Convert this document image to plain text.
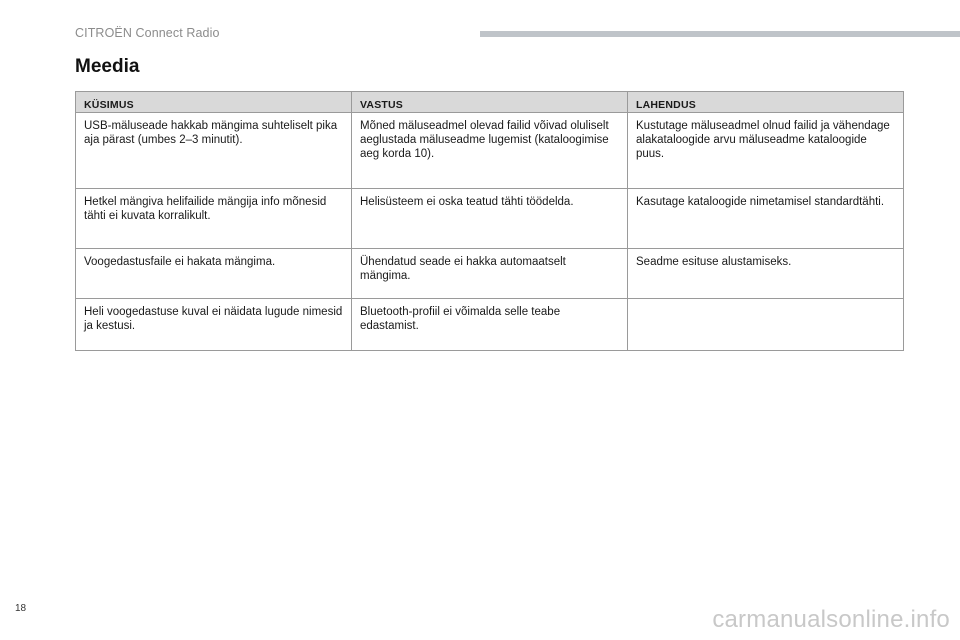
CITROËN Connect Radio
Meedia
KÜSIMUS	VASTUS	LAHENDUS
USB-mäluseade hakkab mängima suhteliselt pika aja pärast (umbes 2–3 minutit).	Mõned mäluseadmel olevad failid võivad oluliselt aeglustada mäluseadme lugemist (kataloogimise aeg korda 10).	Kustutage mäluseadmel olnud failid ja vähendage alakataloogide arvu mäluseadme kataloogide puus.
Hetkel mängiva helifailide mängija info mõnesid tähti ei kuvata korralikult.	Helisüsteem ei oska teatud tähti töödelda.	Kasutage kataloogide nimetamisel standardtähti.
Voogedastusfaile ei hakata mängima.	Ühendatud seade ei hakka automaatselt mängima.	Seadme esituse alustamiseks.
Heli voogedastuse kuval ei näidata lugude nimesid ja kestusi.	Bluetooth-profiil ei võimalda selle teabe edastamist.	
18	carmanualsonline.info
